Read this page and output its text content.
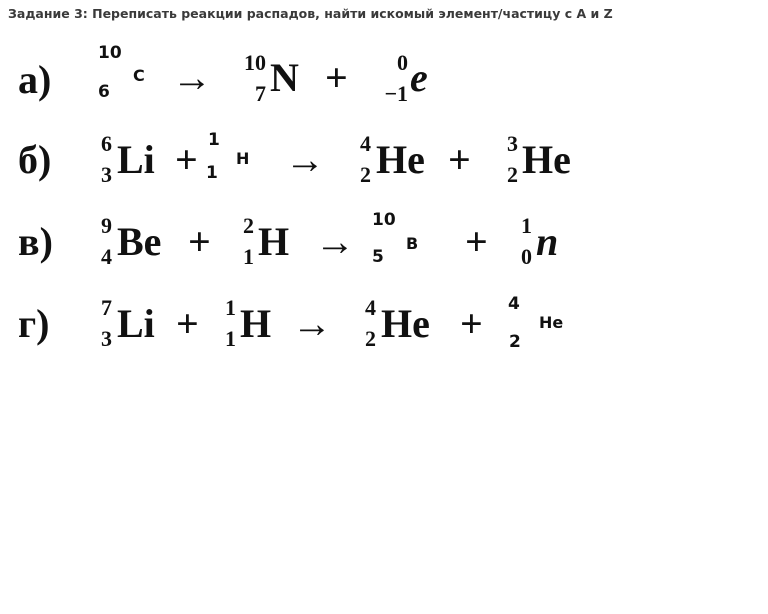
Задание 3: Переписать реакции распадов, найти искомый элемент/частицу с А и Z
а)
10
6
C →	10
7 N +	0
−1 e
б)	6
3 Li + 1
1
H →	4
2 He +	3
2 He
в)	9
4 Be +	2
1 H → 10
5
B +	1
0 n
г)	7
3 Li +	1
1 H →	4
2 He + 4
2
He
